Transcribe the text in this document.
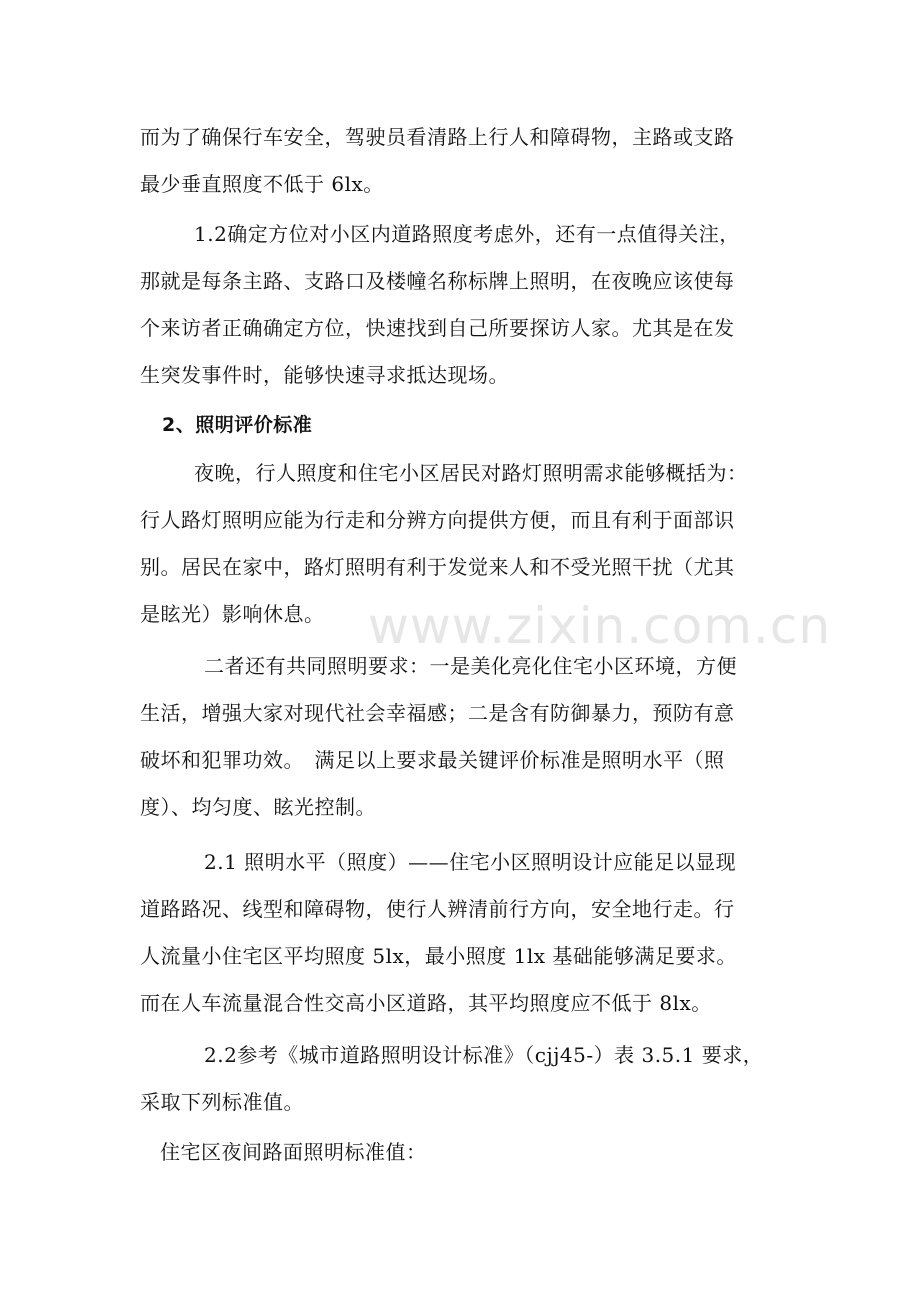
而为了确保行车安全，驾驶员看清路上行人和障碍物，主路或支路
最少垂直照度不低于 6lx。
1.2确定方位对小区内道路照度考虑外，还有一点值得关注，
那就是每条主路、支路口及楼幢名称标牌上照明，在夜晚应该使每
个来访者正确确定方位，快速找到自己所要探访人家。尤其是在发
生突发事件时，能够快速寻求抵达现场。
2、照明评价标准
夜晚，行人照度和住宅小区居民对路灯照明需求能够概括为：
行人路灯照明应能为行走和分辨方向提供方便，而且有利于面部识
别。居民在家中，路灯照明有利于发觉来人和不受光照干扰（尤其
是眩光）影响休息。
二者还有共同照明要求：一是美化亮化住宅小区环境，方便
生活，增强大家对现代社会幸福感；二是含有防御暴力，预防有意
破坏和犯罪功效。　满足以上要求最关键评价标准是照明水平（照
度）、均匀度、眩光控制。
2.1 照明水平（照度）——住宅小区照明设计应能足以显现
道路路况、线型和障碍物，使行人辨清前行方向，安全地行走。行
人流量小住宅区平均照度 5lx，最小照度 1lx 基础能够满足要求。
而在人车流量混合性交高小区道路，其平均照度应不低于 8lx。
2.2参考《城市道路照明设计标准》（cjj45-）表 3.5.1 要求，
采取下列标准值。
住宅区夜间路面照明标准值：
www.zixin.com.cn
